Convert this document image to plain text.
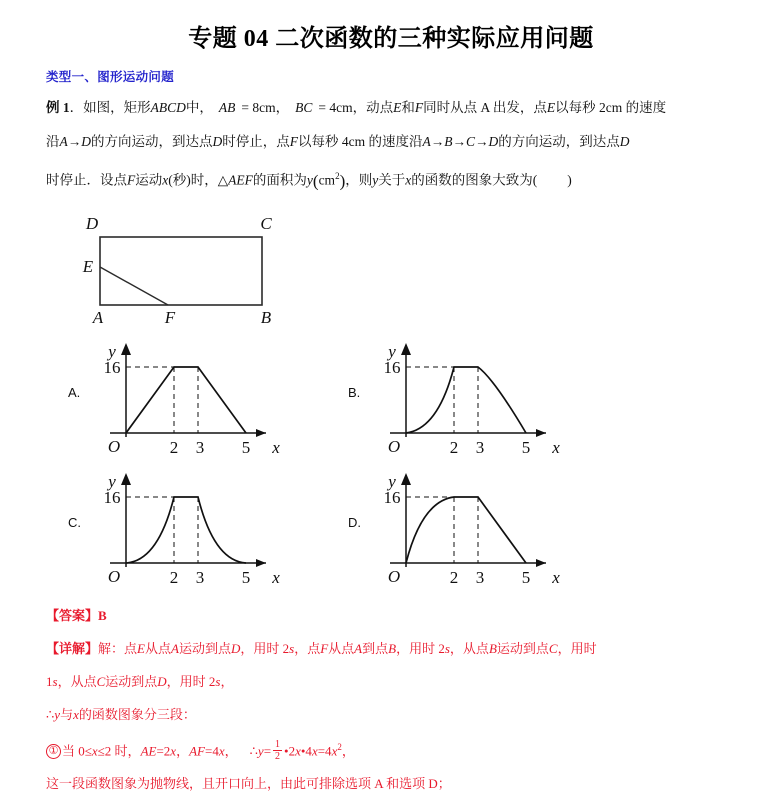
专题 04 二次函数的三种实际应用问题
类型一、图形运动问题
例 1．如图，矩形ABCD中， AB = 8cm， BC = 4cm，动点E和F同时从点 A 出发，点E以每秒 2cm 的速度
沿A→D的方向运动，到达点D时停止，点F以每秒 4cm 的速度沿A→B→C→D的方向运动，到达点D
时停止．设点F运动x(秒)时，△AEF的面积为$y(cm^2)$，则y关于x的函数的图象大致为( )
D	C
E
A	F	B
A.
y
x
O
16
2 3 5
B.
y
x
O
16
2 3 5
C.
y
x
O
16
2 3 5
D.
y
x
O
16
2 3 5
【答案】B
【详解】解：点E从点A运动到点D，用时 2s，点F从点A到点B，用时 2s，从点B运动到点C，用时
1s，从点C运动到点D，用时 2s，
∴y与x的函数图象分三段：
① 当 0≤x≤2 时，AE=2x，AF=4x， ∴y= $\frac{1}{2}$ $•2x•4x=4x^2$，
这一段函数图象为抛物线，且开口向上，由此可排除选项 A 和选项 D；
